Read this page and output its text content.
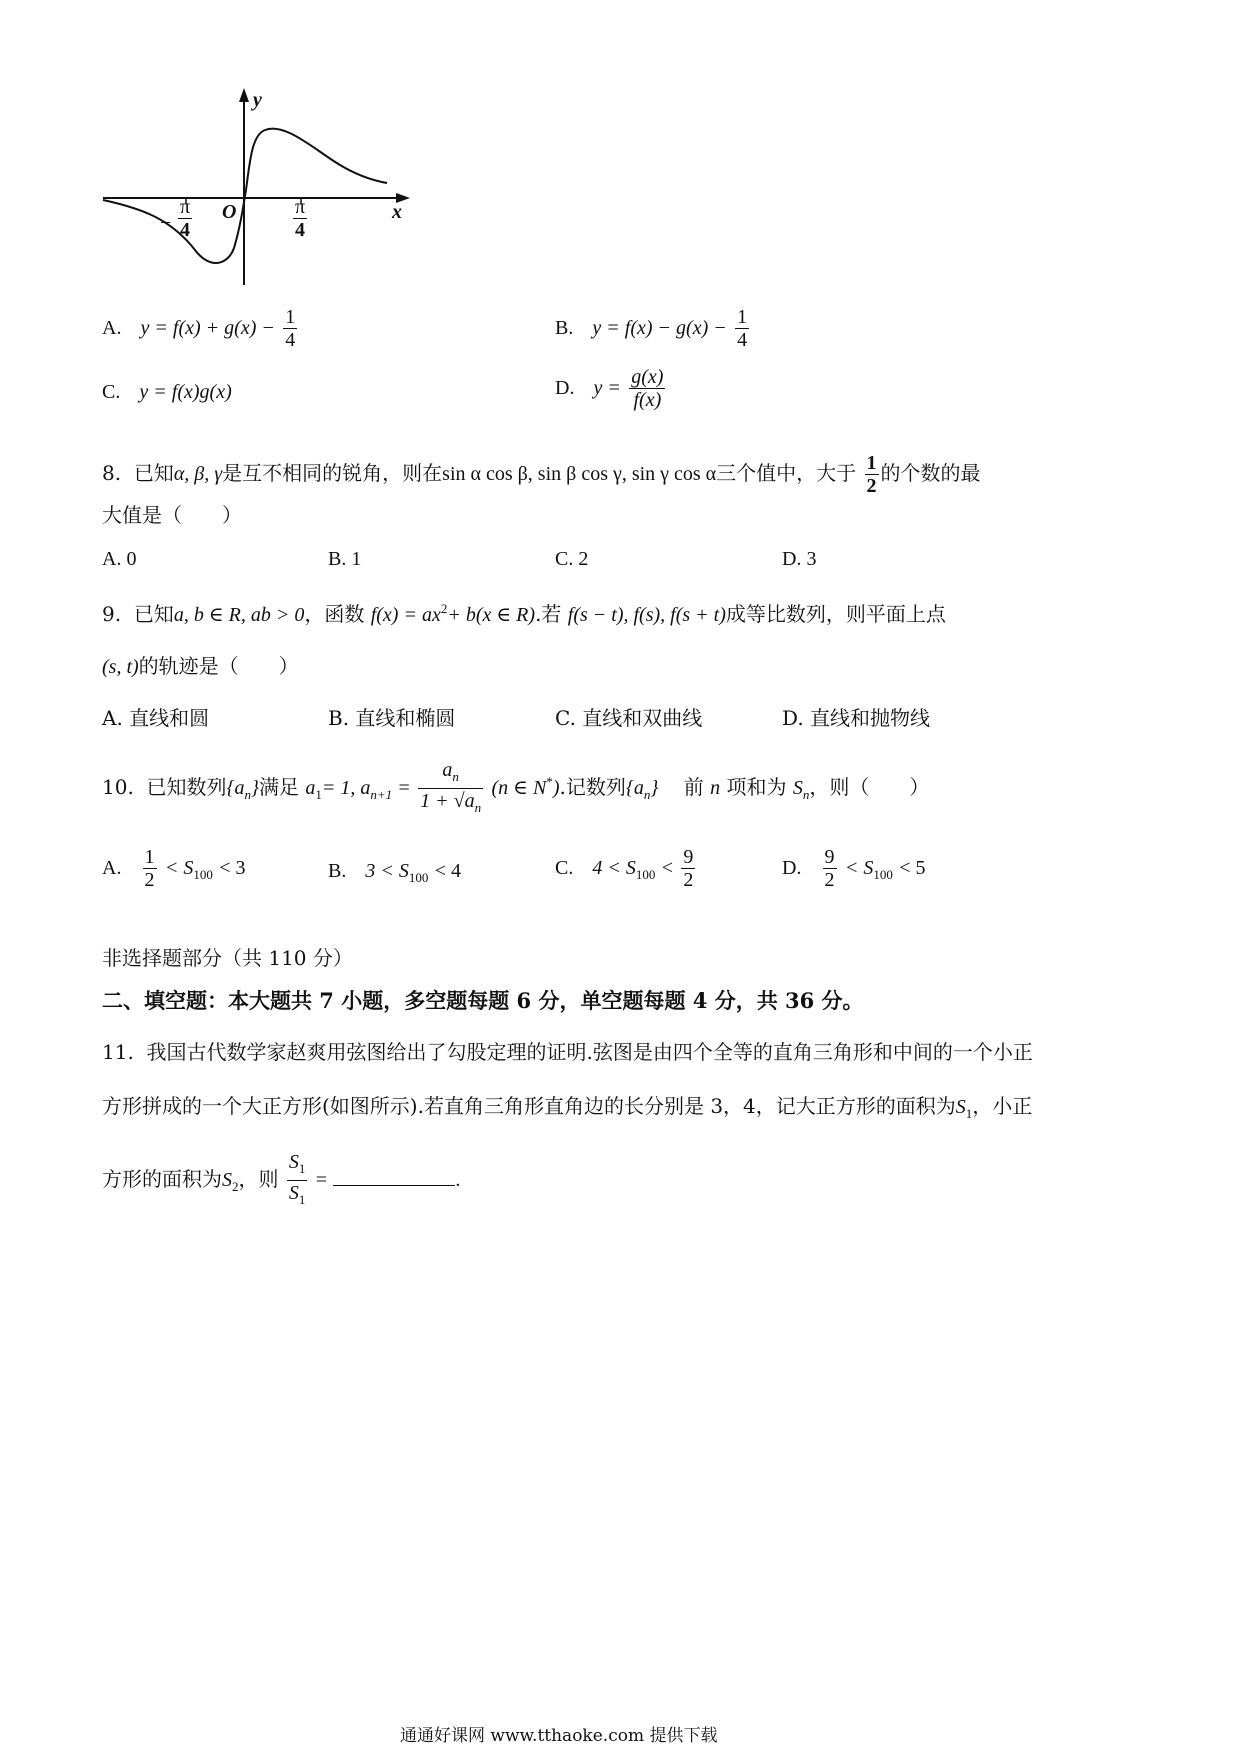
y
x
O
− $\frac{\pi}{4}$	$\frac{\pi}{4}$
A. $y = f(x) + g(x) - \frac{1}{4}$	B. $y = f(x) - g(x) - \frac{1}{4}$
C. y = f(x)g(x)	D. $y = \frac{g(x)}{f(x)}$
8. 已知α, β, γ是互不相同的锐角，则在sin α cos β, sin β cos γ, sin γ cos α三个值中，大于 $\frac{1}{2}$ 的个数的最
大值是（　　）
A. 0	B. 1	C. 2	D. 3
9. 已知a, b ∈ R, ab > 0，函数 $f(x) = ax^2+ b(x$ ∈ R).若 f(s − t), f(s), f(s + t)成等比数列，则平面上点
(s, t)的轨迹是（　　）
A. 直线和圆	B. 直线和椭圆	C. 直线和双曲线	D. 直线和抛物线
10. 已知数列$\{a_n\}$满足 $a_1= 1$, $a_{n+1} = \frac{a_n}{1 + √a_n} (n$ ∈ N*).记数列$\{a_n\}$ 前 n 项和为 $S_n$，则（　　）
A. $\frac{1}{2} < S_{100} < 3$	B. $3 < S_{100} < 4$	C. $4 < S_{100} < \frac{9}{2}$	D. $\frac{9}{2} < S_{100} < 5$
非选择题部分（共 110 分）
二、填空题：本大题共 7 小题，多空题每题 6 分，单空题每题 4 分，共 36 分。
11. 我国古代数学家赵爽用弦图给出了勾股定理的证明.弦图是由四个全等的直角三角形和中间的一个小正
方形拼成的一个大正方形(如图所示).若直角三角形直角边的长分别是 3，4，记大正方形的面积为$S_1$，小正
方形的面积为$S_2$，则 $\frac{S_1}{S_1}$ =	.
通通好课网 www.tthaoke.com 提供下载
